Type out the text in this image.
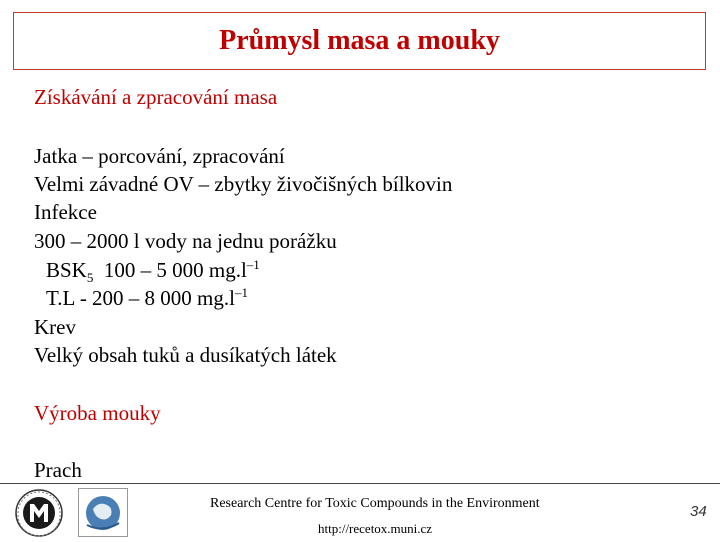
Průmysl masa a mouky
Získávání a zpracování masa
Jatka – porcování, zpracování
Velmi závadné OV – zbytky živočišných bílkovin
Infekce
300 – 2000 l vody na jednu porážku
$BSK_5$ 100 – 5 000 $mg.l^{-1}$
T.L - 200 – 8 000 $mg.l^{-1}$
Krev
Velký obsah tuků a dusíkatých látek
Výroba mouky
Prach
Research Centre for Toxic Compounds in the Environment
http://recetox.muni.cz
34
